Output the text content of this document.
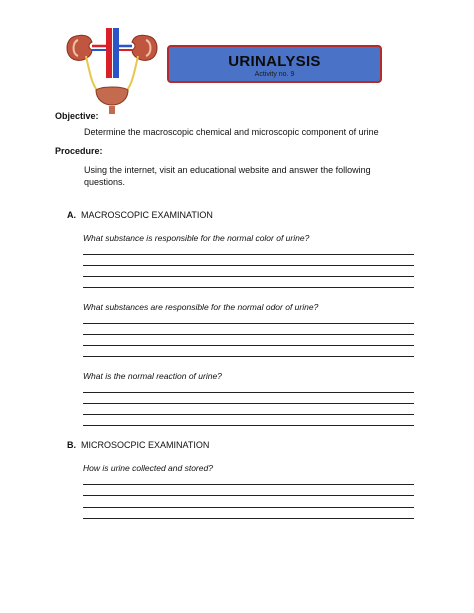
URINALYSIS
Activity no. 9
Objective:
Determine the macroscopic chemical and microscopic component of urine
Procedure:
Using the internet, visit an educational website and answer the following
questions.
A. MACROSCOPIC EXAMINATION
What substance is responsible for the normal color of urine?
What substances are responsible for the normal odor of urine?
What is the normal reaction of urine?
B. MICROSOCPIC EXAMINATION
How is urine collected and stored?
